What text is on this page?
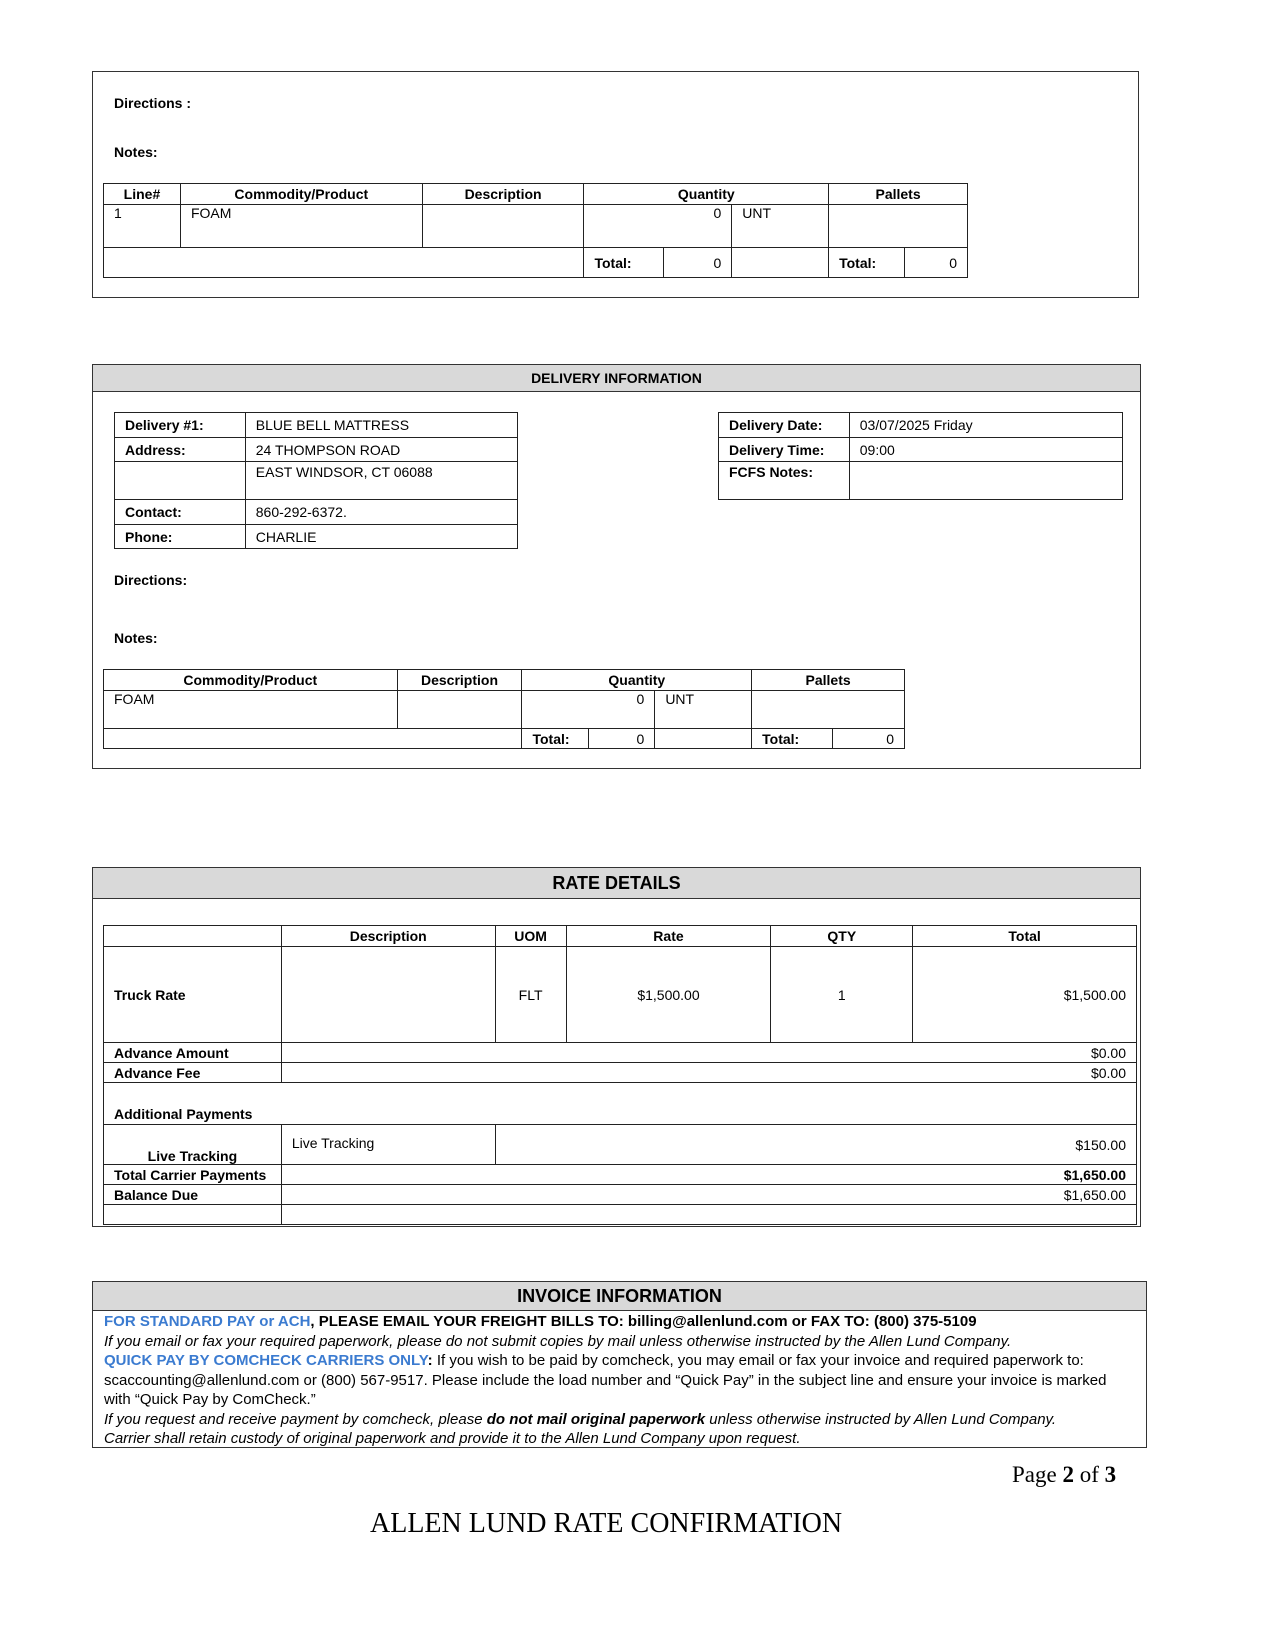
Directions :
Notes:
Line#	Commodity/Product	Description	Quantity			Pallets	
1	FOAM		0		UNT		
			Total:	0		Total:	0
DELIVERY INFORMATION
Delivery #1:	BLUE BELL MATTRESS
Address:	24 THOMPSON ROAD
	EAST WINDSOR, CT 06088
Contact:	860-292-6372.
Phone:	CHARLIE
Delivery Date:	03/07/2025 Friday
Delivery Time:	09:00
FCFS Notes:	
Directions:
Notes:
Commodity/Product	Description	Quantity			Pallets	
FOAM		0		UNT		
		Total:	0		Total:	0
RATE DETAILS
	Description	UOM	Rate	QTY	Total
Truck Rate		FLT	$1,500.00	1	$1,500.00
Advance Amount	$0.00				
Advance Fee	$0.00				
Additional Payments					
Live Tracking	Live Tracking	$150.00			
Total Carrier Payments	$1,650.00				
Balance Due	$1,650.00				

INVOICE INFORMATION

FOR STANDARD PAY or ACH, PLEASE EMAIL YOUR FREIGHT BILLS TO: billing@allenlund.com or FAX TO: (800) 375-5109

If you email or fax your required paperwork, please do not submit copies by mail unless otherwise instructed by the Allen Lund Company.

QUICK PAY BY COMCHECK CARRIERS ONLY: If you wish to be paid by comcheck, you may email or fax your invoice and required paperwork to: scaccounting@allenlund.com or (800) 567-9517. Please include the load number and “Quick Pay” in the subject line and ensure your invoice is marked with “Quick Pay by ComCheck.”

If you request and receive payment by comcheck, please do not mail original paperwork unless otherwise instructed by Allen Lund Company.

Carrier shall retain custody of original paperwork and provide it to the Allen Lund Company upon request.

Page 2 of 3
ALLEN LUND RATE CONFIRMATION
